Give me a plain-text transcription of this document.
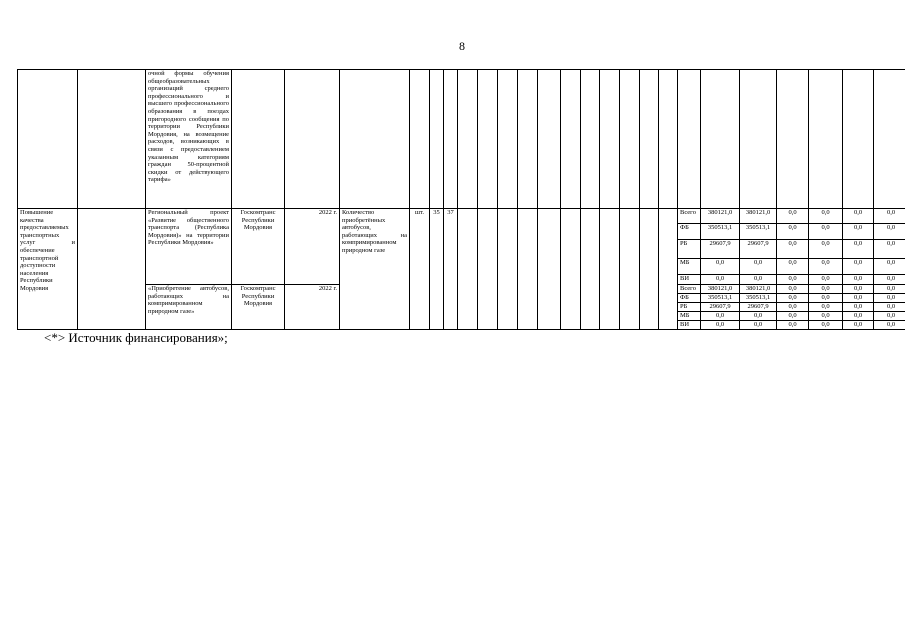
8
		очной формы обучения общеобразовательных организаций среднего профессионального и высшего профессионального образования в поездах пригородного сообщения по территории Республики Мордовия, на возмещение расходов, возникающих в связи с предоставлением указанным категориям граждан 50-процентной скидки от действующего тарифа»																								
Повышение качества предоставляемых транспортных услуг и обеспечение транспортной доступности населения Республики Мордовия		Региональный проект «Развитие общественного транспорта (Республика Мордовия)» на территории Республики Мордовия»	Госкомтранс Республики Мордовия	2022 г.	Количество приобретённых автобусов, работающих на компримированном природном газе	шт.	35	37												Всего	380121,0	380121,0	0,0	0,0	0,0	0,0
																				ФБ	350513,1	350513,1	0,0	0,0	0,0	0,0
																				РБ	29607,9	29607,9	0,0	0,0	0,0	0,0
																				МБ	0,0	0,0	0,0	0,0	0,0	0,0
																				ВИ	0,0	0,0	0,0	0,0	0,0	0,0
		«Приобретение автобусов, работающих на компримированном природном газе»	Госкомтранс Республики Мордовия	2022 г.																Всего	380121,0	380121,0	0,0	0,0	0,0	0,0
																				ФБ	350513,1	350513,1	0,0	0,0	0,0	0,0
																				РБ	29607,9	29607,9	0,0	0,0	0,0	0,0
																				МБ	0,0	0,0	0,0	0,0	0,0	0,0
																				ВИ	0,0	0,0	0,0	0,0	0,0	0,0
<*> Источник финансирования»;
